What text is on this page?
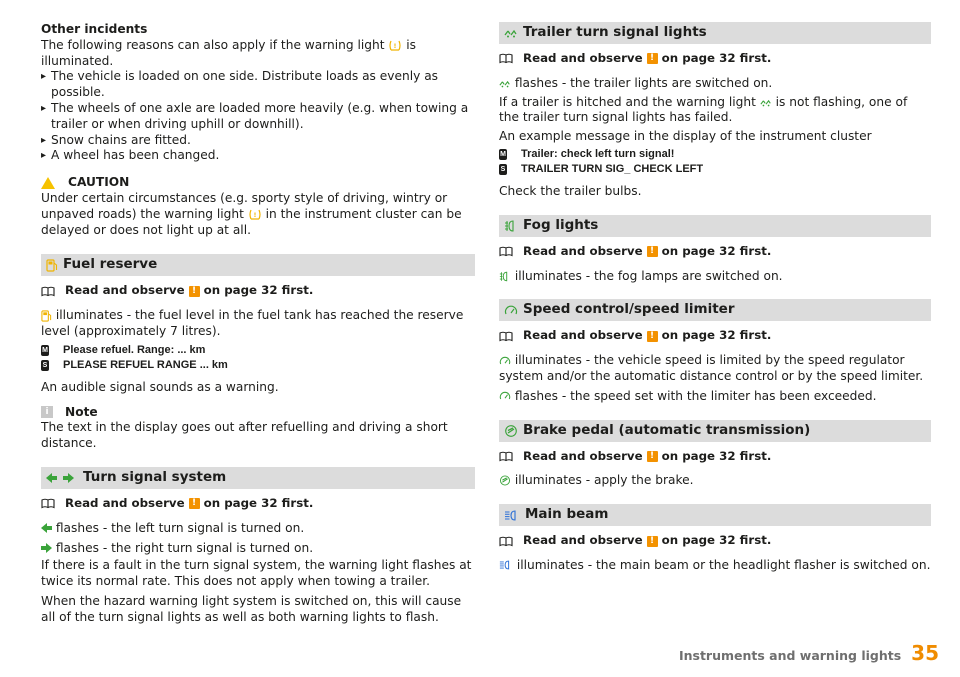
Other incidents

The following reasons can also apply if the warning light ! is illuminated.

▸ The vehicle is loaded on one side. Distribute loads as evenly as possible.
▸ The wheels of one axle are loaded more heavily (e.g. when towing a trailer or when driving uphill or downhill).
▸ Snow chains are fitted.
▸ A wheel has been changed.
CAUTION

Under certain circumstances (e.g. sporty style of driving, wintry or unpaved roads) the warning light ! in the instrument cluster can be delayed or does not light up at all.

Fuel reserve
Read and observe ! on page 32 first.

illuminates - the fuel level in the fuel tank has reached the reserve level (approximately 7 litres).

M Please refuel. Range: ... km
S PLEASE REFUEL RANGE ... km

An audible signal sounds as a warning.

i	Note

The text in the display goes out after refuelling and driving a short distance.

Turn signal system
Read and observe ! on page 32 first.

flashes - the left turn signal is turned on.

flashes - the right turn signal is turned on.

If there is a fault in the turn signal system, the warning light flashes at twice its normal rate. This does not apply when towing a trailer.

When the hazard warning light system is switched on, this will cause all of the turn signal lights as well as both warning lights to flash.

Trailer turn signal lights
Read and observe ! on page 32 first.

flashes - the trailer lights are switched on.

If a trailer is hitched and the warning light is not flashing, one of the trailer turn signal lights has failed.

An example message in the display of the instrument cluster

M Trailer: check left turn signal!
S TRAILER TURN SIG_ CHECK LEFT

Check the trailer bulbs.

Fog lights
Read and observe ! on page 32 first.

illuminates - the fog lamps are switched on.

Speed control/speed limiter
Read and observe ! on page 32 first.

illuminates - the vehicle speed is limited by the speed regulator system and/or the automatic distance control or by the speed limiter.

flashes - the speed set with the limiter has been exceeded.

Brake pedal (automatic transmission)
Read and observe ! on page 32 first.

illuminates - apply the brake.

Main beam
Read and observe ! on page 32 first.

illuminates - the main beam or the headlight flasher is switched on.

Instruments and warning lights 35
